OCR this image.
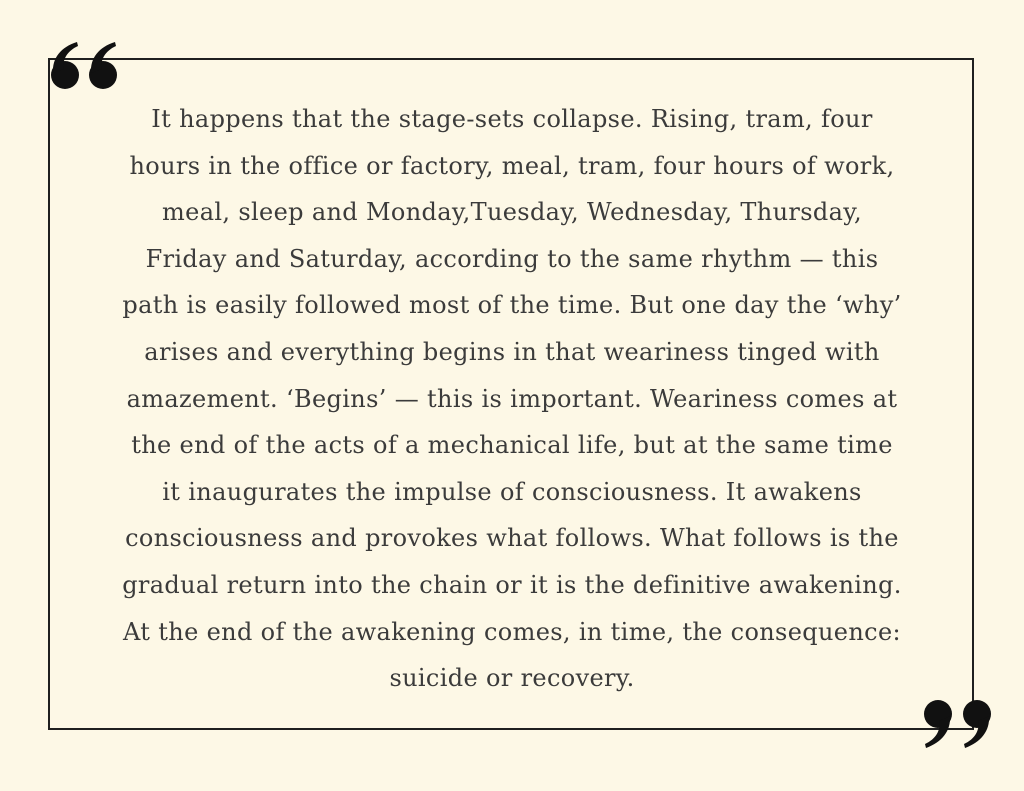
It happens that the stage-sets collapse. Rising, tram, four
hours in the office or factory, meal, tram, four hours of work,
meal, sleep and Monday,Tuesday, Wednesday, Thursday,
Friday and Saturday, according to the same rhythm — this
path is easily followed most of the time. But one day the ‘why’
arises and everything begins in that weariness tinged with
amazement. ‘Begins’ — this is important. Weariness comes at
the end of the acts of a mechanical life, but at the same time
it inaugurates the impulse of consciousness. It awakens
consciousness and provokes what follows. What follows is the
gradual return into the chain or it is the definitive awakening.
At the end of the awakening comes, in time, the consequence:
suicide or recovery.
